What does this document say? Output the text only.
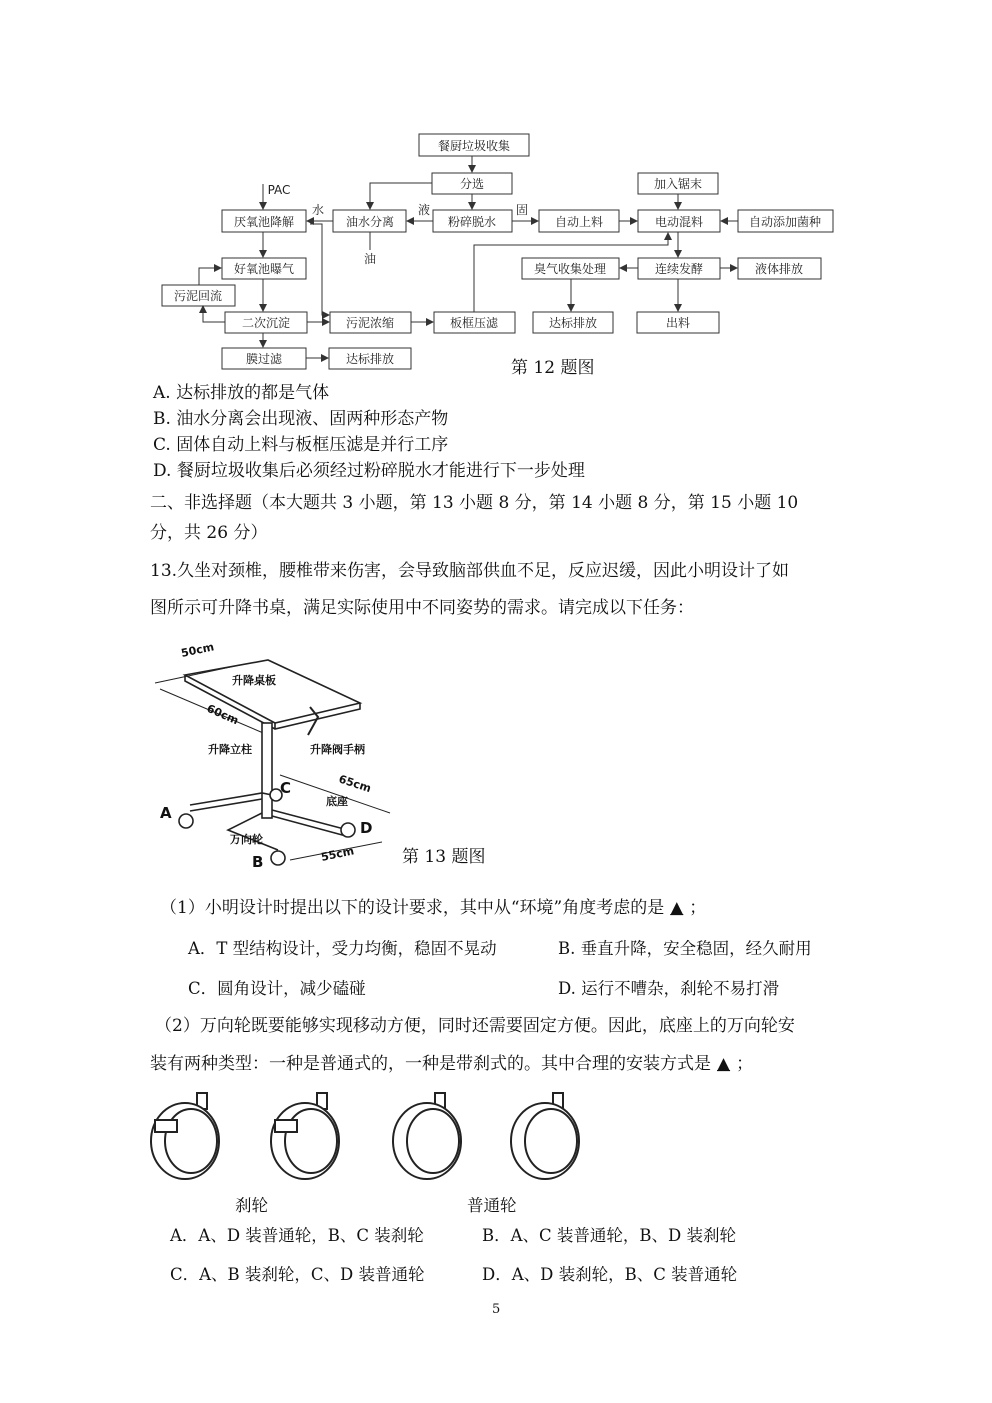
餐厨垃圾收集
分选	加入锯末
厌氧池降解	油水分离	粉碎脱水	自动上料	电动混料	自动添加菌种
好氧池曝气	臭气收集处理	连续发酵	液体排放
污泥回流
二次沉淀	污泥浓缩	板框压滤	达标排放	出料
膜过滤	达标排放
PAC
水	液	固
油
第 12 题图
A. 达标排放的都是气体
B. 油水分离会出现液、固两种形态产物
C. 固体自动上料与板框压滤是并行工序
D. 餐厨垃圾收集后必须经过粉碎脱水才能进行下一步处理
二、非选择题（本大题共 3 小题，第 13 小题 8 分，第 14 小题 8 分，第 15 小题 10
分，共 26 分）
13.久坐对颈椎，腰椎带来伤害，会导致脑部供血不足，反应迟缓，因此小明设计了如
图所示可升降书桌，满足实际使用中不同姿势的需求。请完成以下任务：
50cm
60cm
升降桌板
升降立柱	升降阀手柄
65cm
底座
万向轮
55cm
A
B
C
D
第 13 题图
（1）小明设计时提出以下的设计要求，其中从“环境”角度考虑的是 ▲ ；
A．T 型结构设计，受力均衡，稳固不晃动	B. 垂直升降，安全稳固，经久耐用
C．圆角设计，减少磕碰	D. 运行不嘈杂，刹轮不易打滑
（2）万向轮既要能够实现移动方便，同时还需要固定方便。因此，底座上的万向轮安
装有两种类型：一种是普通式的，一种是带刹式的。其中合理的安装方式是 ▲ ；
刹轮	普通轮
A．A、D 装普通轮，B、C 装刹轮	B．A、C 装普通轮，B、D 装刹轮
C．A、B 装刹轮，C、D 装普通轮	D．A、D 装刹轮，B、C 装普通轮
5
